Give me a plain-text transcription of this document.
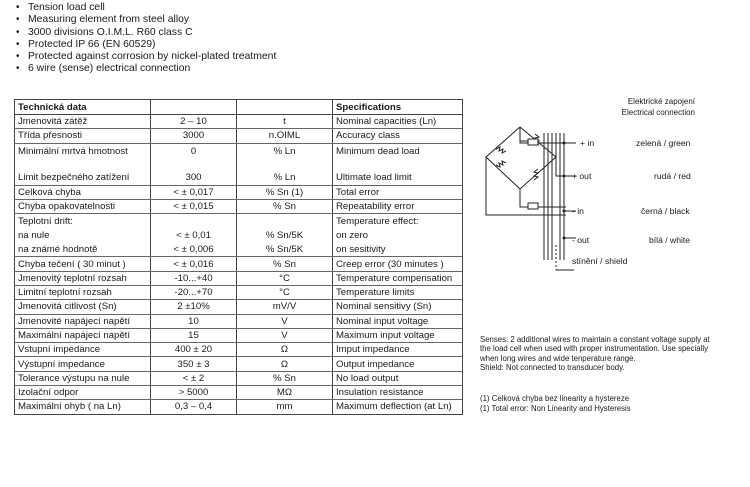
• Tension load cell
• Measuring element from steel alloy
• 3000 divisions O.I.M.L. R60 class C
• Protected IP 66 (EN 60529)
• Protected against corrosion by nickel-plated treatment
• 6 wire (sense) electrical connection
Technická data			Specifications
Jmenovitá zátěž	2 – 10	t	Nominal capacities (Ln)
Třída přesnosti	3000	n.OIML	Accuracy class
Minimální mrtvá hmotnost	0	% Ln	Minimum dead load
Limit bezpečného zatížení	300	% Ln	Ultimate load limit
Celková chyba	< ± 0,017	% Sn (1)	Total error
Chyba opakovatelnosti	< ± 0,015	% Sn	Repeatability error
Teplotní drift:			Temperature effect:
na nule	< ± 0,01	% Sn/5K	on zero
na známé hodnotě	< ± 0,006	% Sn/5K	on sesitivity
Chyba tečení ( 30 minut )	< ± 0,016	% Sn	Creep error (30 minutes )
Jmenovitý teplotní rozsah	-10...+40	°C	Temperature compensation
Limitní teplotní rozsah	-20...+70	°C	Temperature limits
Jmenovitá citlivost (Sn)	2 ±10%	mV/V	Nominal sensitivy (Sn)
Jmenovité napájecí napětí	10	V	Nominal input voltage
Maximální napájecí napětí	15	V	Maximum input voltage
Vstupní impedance	400 ± 20	Ω	Imput impedance
Výstupní impedance	350 ± 3	Ω	Output impedance
Tolerance výstupu na nule	< ± 2	% Sn	No load output
Izolační odpor	> 5000	MΩ	Insulation resistance
Maximální ohyb ( na Ln)	0,3 – 0,4	mm	Maximum deflection (at Ln)
Elektrické zapojení
Electrical connection
+ in	zelená / green
+ out	rudá / red
- in	černá / black
- out	bílá / white
stínění / shield

Senses: 2 additional wires to maintain a constant voltage supply at the load cell when used with proper instrumentation. Use specially when long wires and wide tenperature range.

Shield: Not connected to transducer body.

(1) Celková chyba bez linearity a hystereze
(1) Total error: Non Linearity and Hysteresis
